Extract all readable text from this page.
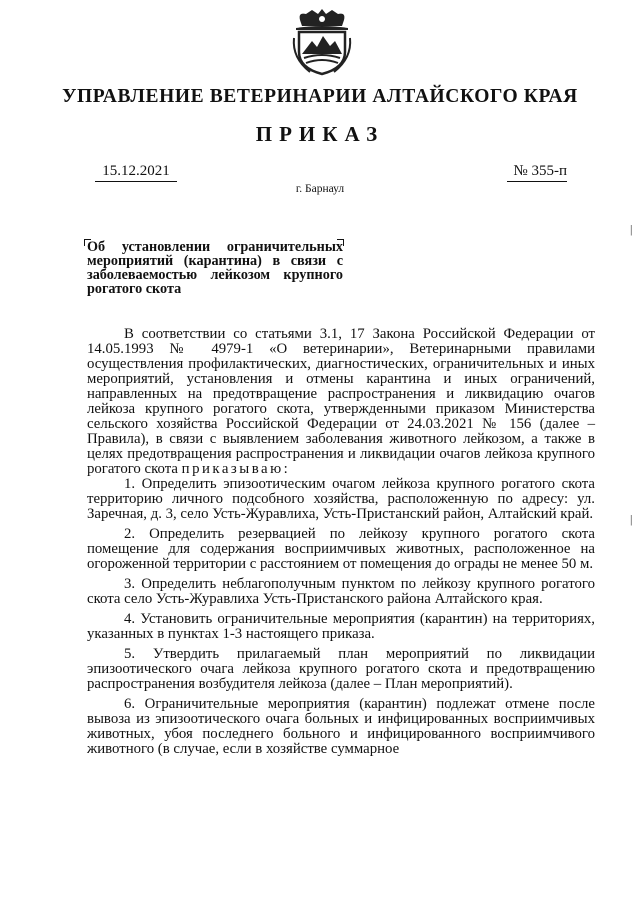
УПРАВЛЕНИЕ ВЕТЕРИНАРИИ АЛТАЙСКОГО КРАЯ
ПРИКАЗ
15.12.2021	№ 355-п
г. Барнаул
Об установлении ограничительных мероприятий (карантина) в связи с заболеваемостью лейкозом крупного рогатого скота

В соответствии со статьями 3.1, 17 Закона Российской Федерации от 14.05.1993 № 4979-1 «О ветеринарии», Ветеринарными правилами осуществления профилактических, диагностических, ограничительных и иных мероприятий, установления и отмены карантина и иных ограничений, направленных на предотвращение распространения и ликвидацию очагов лейкоза крупного рогатого скота, утвержденными приказом Министерства сельского хозяйства Российской Федерации от 24.03.2021 № 156 (далее – Правила), в связи с выявлением заболевания животного лейкозом, а также в целях предотвращения распространения и ликвидации очагов лейкоза крупного рогатого скота приказываю:

1. Определить эпизоотическим очагом лейкоза крупного рогатого скота территорию личного подсобного хозяйства, расположенную по адресу: ул. Заречная, д. 3, село Усть-Журавлиха, Усть-Пристанский район, Алтайский край.

2. Определить резервацией по лейкозу крупного рогатого скота помещение для содержания восприимчивых животных, расположенное на огороженной территории с расстоянием от помещения до ограды не менее 50 м.

3. Определить неблагополучным пунктом по лейкозу крупного рогатого скота село Усть-Журавлиха Усть-Пристанского района Алтайского края.

4. Установить ограничительные мероприятия (карантин) на территориях, указанных в пунктах 1-3 настоящего приказа.

5. Утвердить прилагаемый план мероприятий по ликвидации эпизоотического очага лейкоза крупного рогатого скота и предотвращению распространения возбудителя лейкоза (далее – План мероприятий).

6. Ограничительные мероприятия (карантин) подлежат отмене после вывоза из эпизоотического очага больных и инфицированных восприимчивых животных, убоя последнего больного и инфицированного восприимчивого животного (в случае, если в хозяйстве суммарное

|
|
